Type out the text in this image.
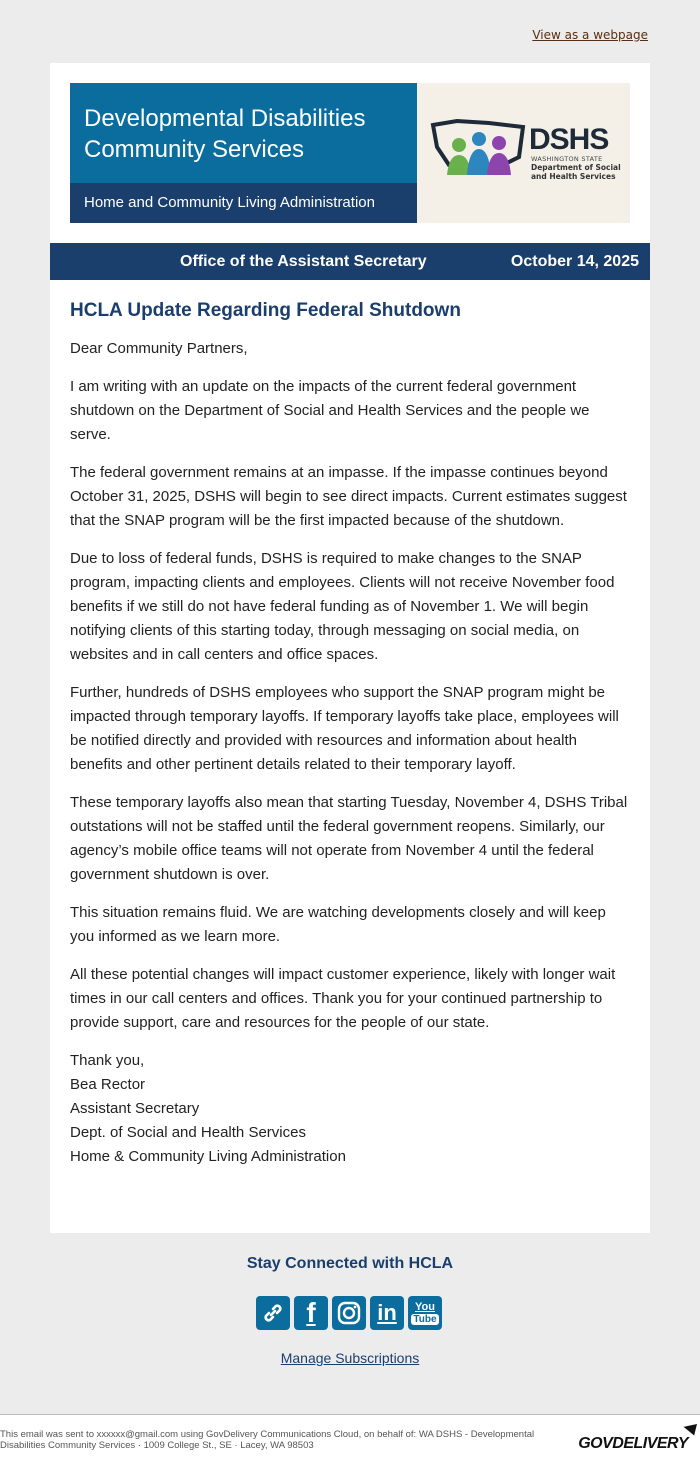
View as a webpage
Developmental Disabilities
Community Services
Home and Community Living Administration
DSHS
WASHINGTON STATE
Department of Social
and Health Services
Office of the Assistant Secretary	October 14, 2025
HCLA Update Regarding Federal Shutdown

Dear Community Partners,

I am writing with an update on the impacts of the current federal government shutdown on the Department of Social and Health Services and the people we serve.

The federal government remains at an impasse. If the impasse continues beyond October 31, 2025, DSHS will begin to see direct impacts. Current estimates suggest that the SNAP program will be the first impacted because of the shutdown.

Due to loss of federal funds, DSHS is required to make changes to the SNAP program, impacting clients and employees. Clients will not receive November food benefits if we still do not have federal funding as of November 1. We will begin notifying clients of this starting today, through messaging on social media, on websites and in call centers and office spaces.

Further, hundreds of DSHS employees who support the SNAP program might be impacted through temporary layoffs. If temporary layoffs take place, employees will be notified directly and provided with resources and information about health benefits and other pertinent details related to their temporary layoff.

These temporary layoffs also mean that starting Tuesday, November 4, DSHS Tribal outstations will not be staffed until the federal government reopens. Similarly, our agency’s mobile office teams will not operate from November 4 until the federal government shutdown is over.

This situation remains fluid. We are watching developments closely and will keep you informed as we learn more.

All these potential changes will impact customer experience, likely with longer wait times in our call centers and offices. Thank you for your continued partnership to provide support, care and resources for the people of our state.

Thank you,

Bea Rector

Assistant Secretary

Dept. of Social and Health Services

Home & Community Living Administration

Stay Connected with HCLA
f	in You
Tube
Manage Subscriptions
This email was sent to xxxxxx@gmail.com using GovDelivery Communications Cloud, on behalf of: WA DSHS - Developmental Disabilities Community Services · 1009 College St., SE · Lacey, WA 98503	GOVDELIVERY
